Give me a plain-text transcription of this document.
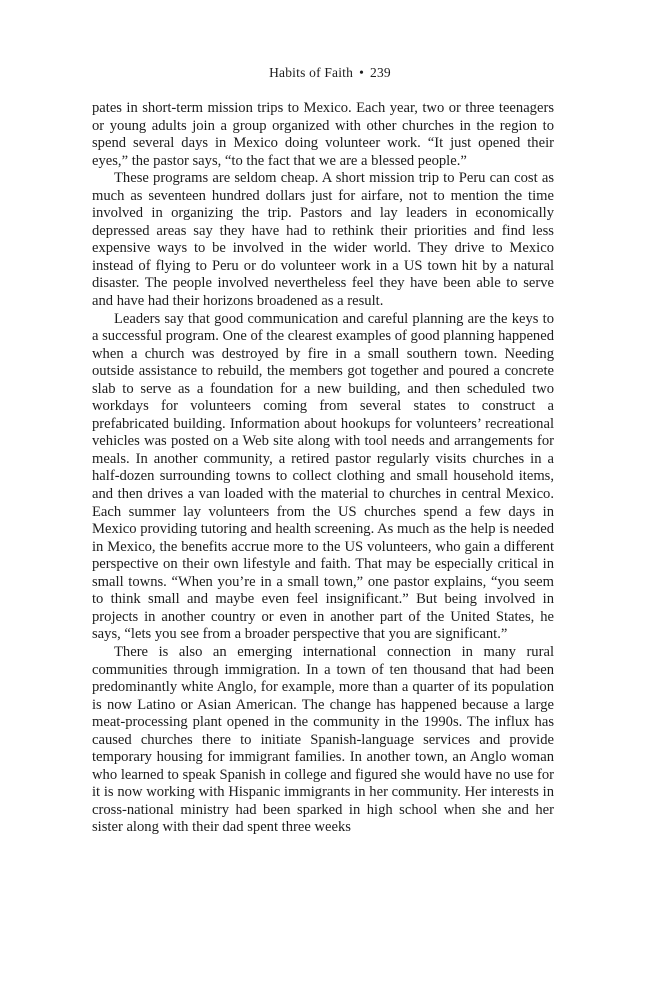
Habits of Faith • 239

pates in short-term mission trips to Mexico. Each year, two or three teenagers or young adults join a group organized with other churches in the region to spend several days in Mexico doing volunteer work. “It just opened their eyes,” the pastor says, “to the fact that we are a blessed people.”

These programs are seldom cheap. A short mission trip to Peru can cost as much as seventeen hundred dollars just for airfare, not to mention the time involved in organizing the trip. Pastors and lay leaders in economically depressed areas say they have had to rethink their priorities and find less expensive ways to be involved in the wider world. They drive to Mexico instead of flying to Peru or do volunteer work in a US town hit by a natural disaster. The people involved nevertheless feel they have been able to serve and have had their horizons broadened as a result.

Leaders say that good communication and careful planning are the keys to a successful program. One of the clearest examples of good planning happened when a church was destroyed by fire in a small southern town. Needing outside assistance to rebuild, the members got together and poured a concrete slab to serve as a foundation for a new building, and then scheduled two workdays for volunteers coming from several states to construct a prefabricated building. Information about hookups for volunteers’ recreational vehicles was posted on a Web site along with tool needs and arrangements for meals. In another community, a retired pastor regularly visits churches in a half-dozen surrounding towns to collect clothing and small household items, and then drives a van loaded with the material to churches in central Mexico. Each summer lay volunteers from the US churches spend a few days in Mexico providing tutoring and health screening. As much as the help is needed in Mexico, the benefits accrue more to the US volunteers, who gain a different perspective on their own lifestyle and faith. That may be especially critical in small towns. “When you’re in a small town,” one pastor explains, “you seem to think small and maybe even feel insignificant.” But being involved in projects in another country or even in another part of the United States, he says, “lets you see from a broader perspective that you are significant.”

There is also an emerging international connection in many rural communities through immigration. In a town of ten thousand that had been predominantly white Anglo, for example, more than a quarter of its population is now Latino or Asian American. The change has happened because a large meat-processing plant opened in the community in the 1990s. The influx has caused churches there to initiate Spanish-language services and provide temporary housing for immigrant families. In another town, an Anglo woman who learned to speak Spanish in college and figured she would have no use for it is now working with Hispanic immigrants in her community. Her interests in cross-national ministry had been sparked in high school when she and her sister along with their dad spent three weeks
